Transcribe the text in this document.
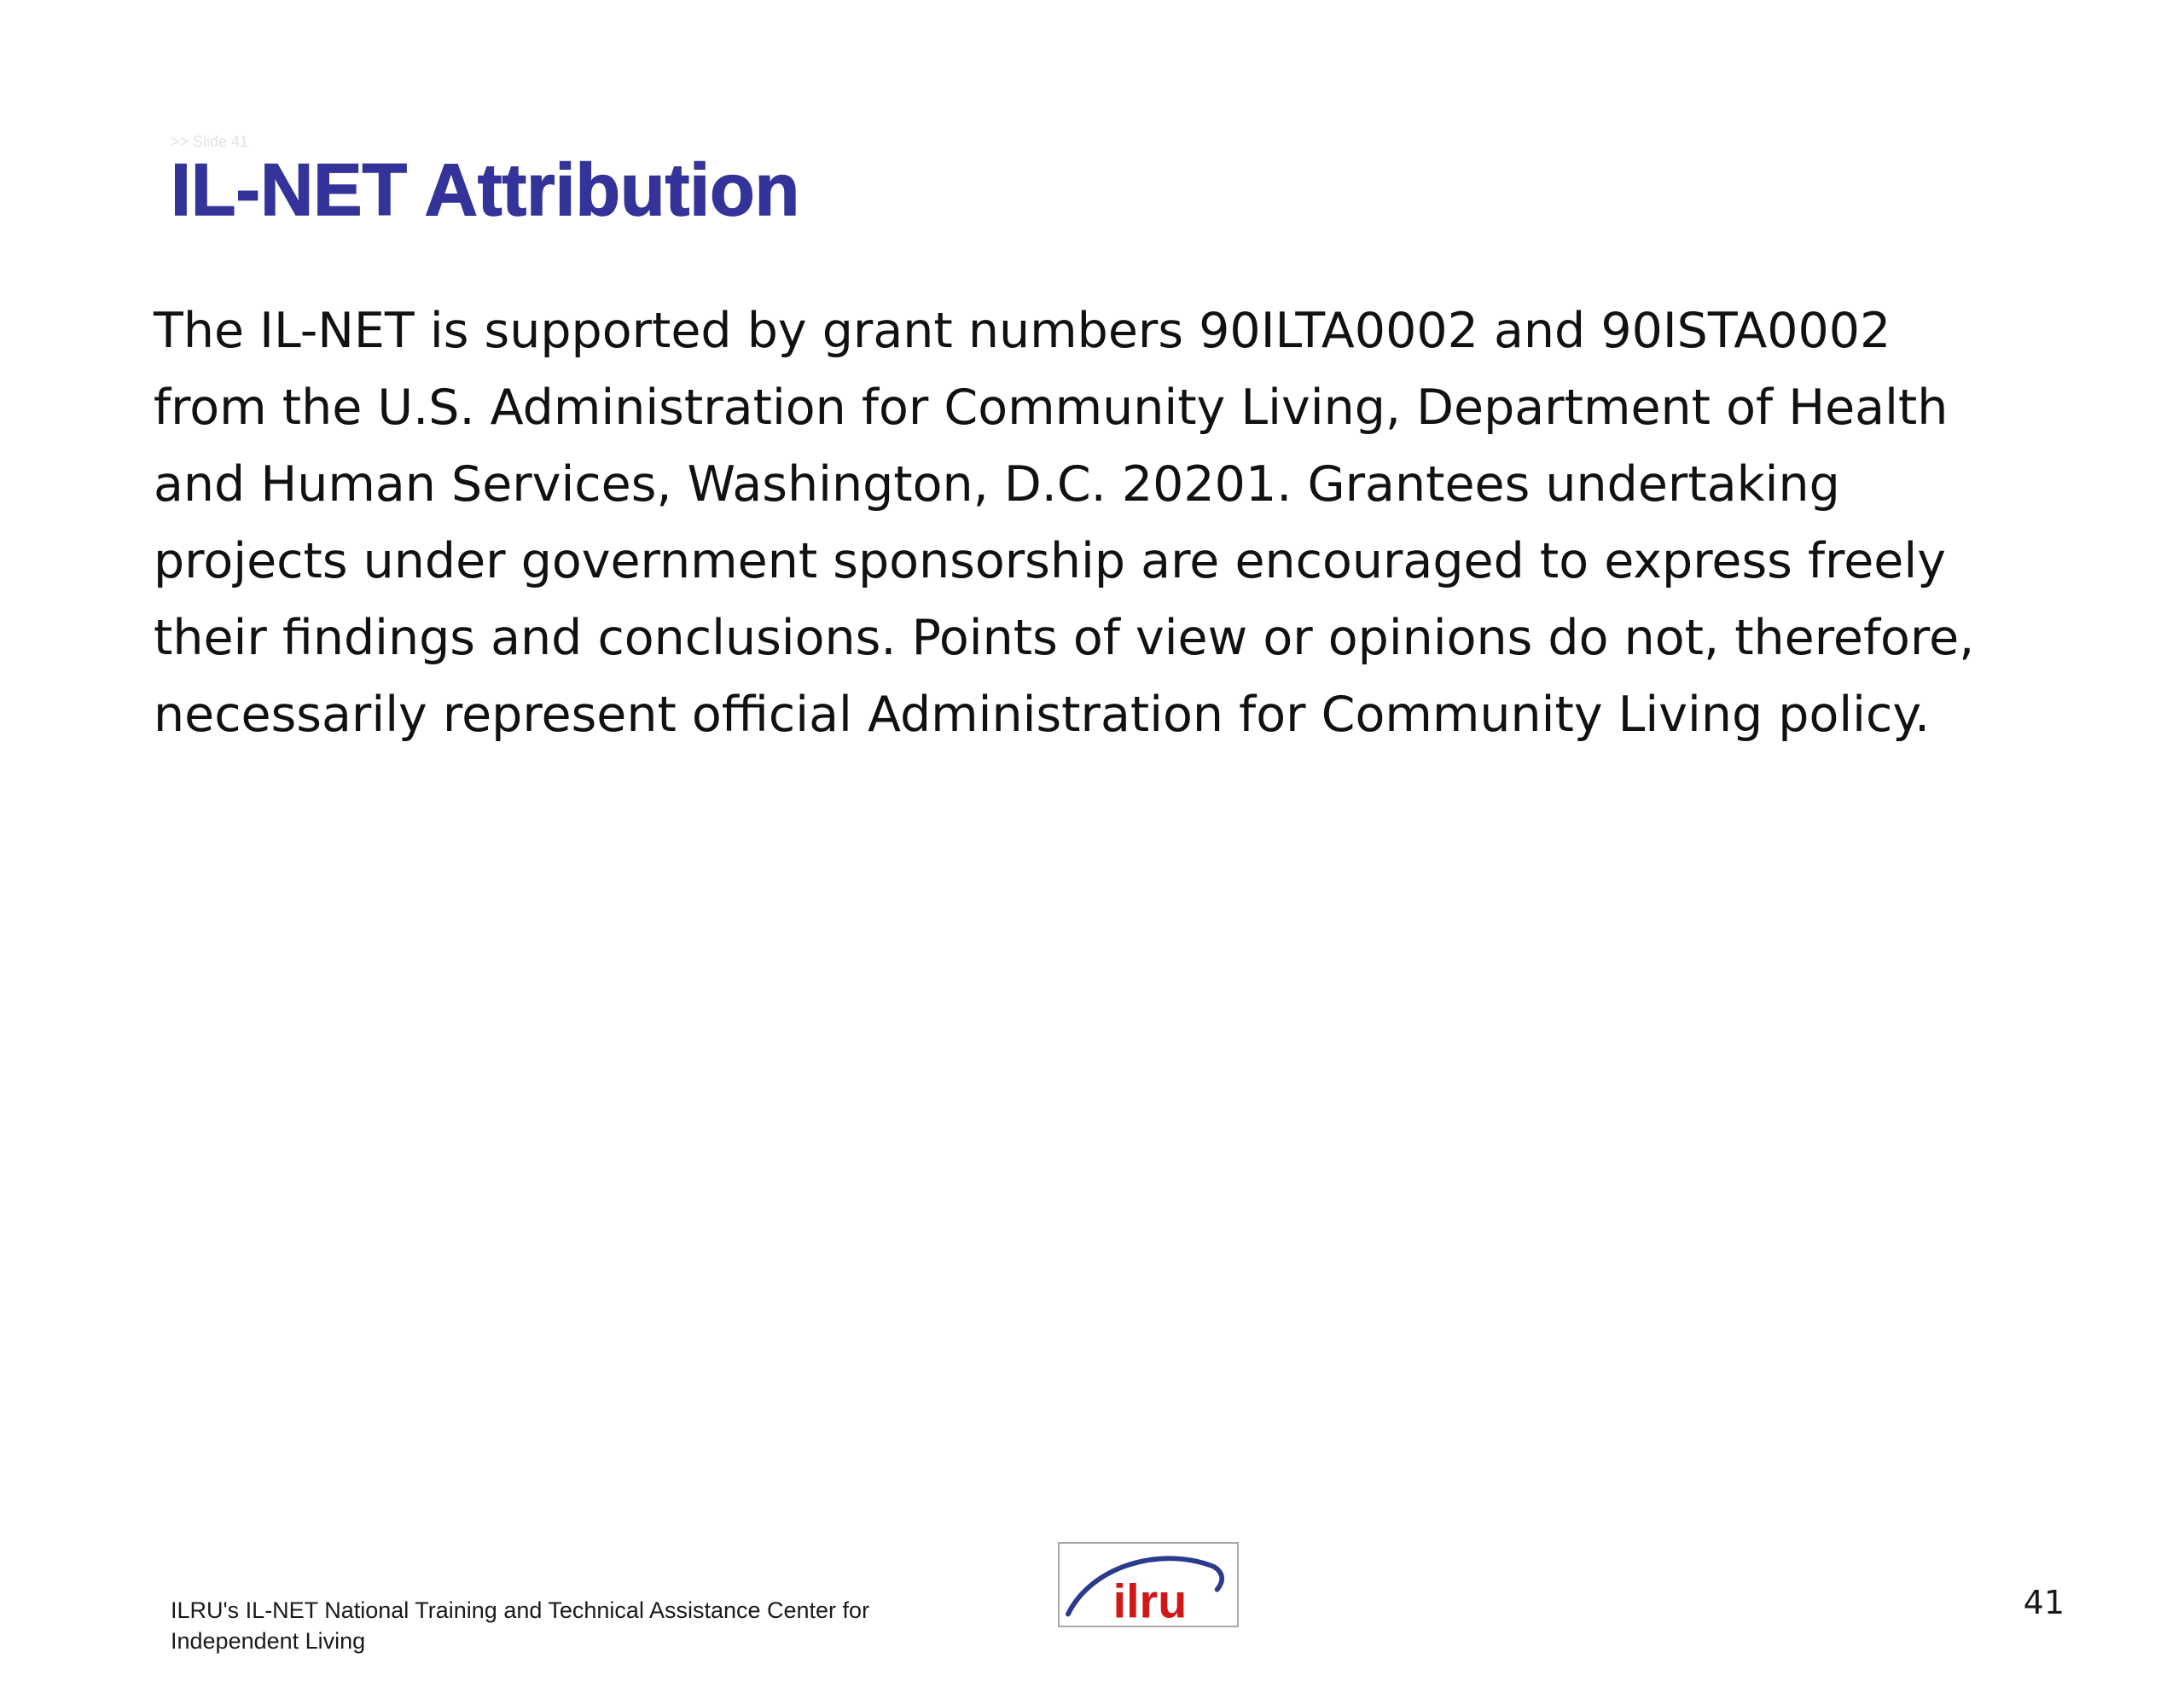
>> Slide 41
IL-NET Attribution
The IL-NET is supported by grant numbers 90ILTA0002 and 90ISTA0002
from the U.S. Administration for Community Living, Department of Health
and Human Services, Washington, D.C. 20201. Grantees undertaking
projects under government sponsorship are encouraged to express freely
their findings and conclusions. Points of view or opinions do not, therefore,
necessarily represent official Administration for Community Living policy.
ILRU's IL-NET National Training and Technical Assistance Center for
Independent Living
ilru	41
